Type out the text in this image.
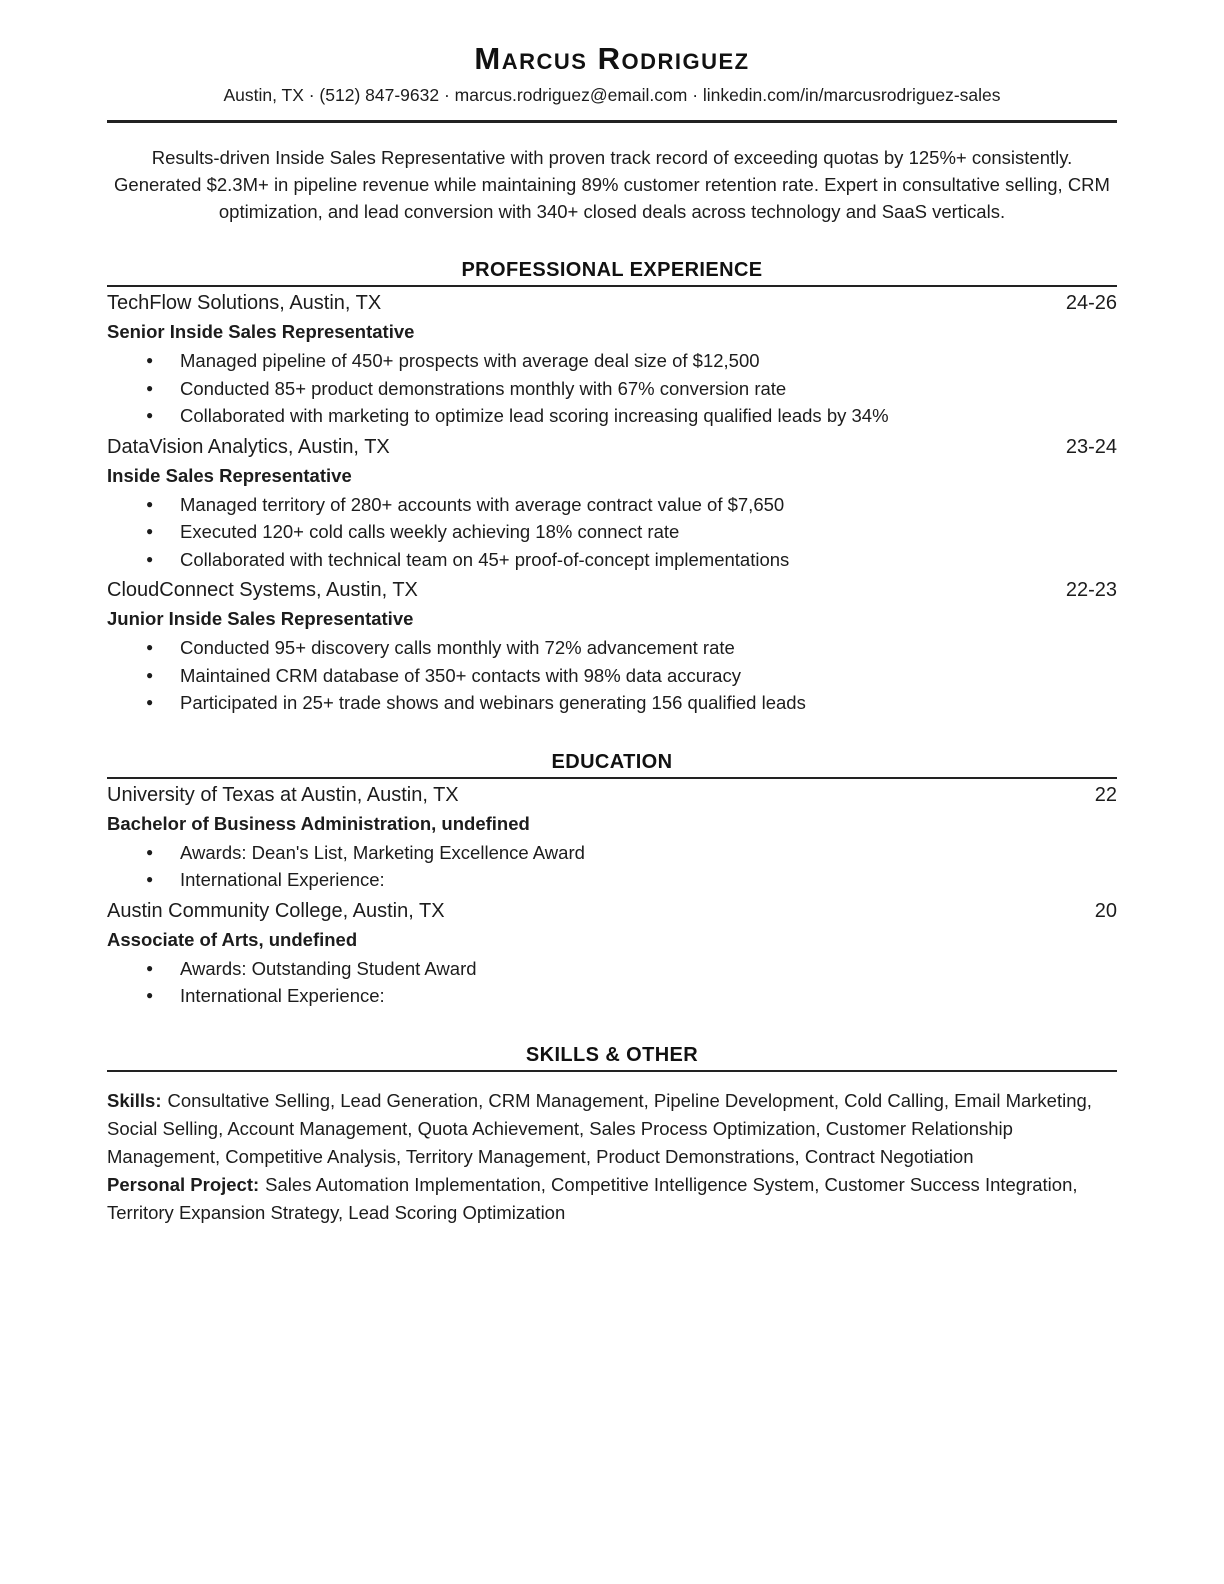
Marcus Rodriguez
Austin, TX · (512) 847-9632 · marcus.rodriguez@email.com · linkedin.com/in/marcusrodriguez-sales

Results-driven Inside Sales Representative with proven track record of exceeding quotas by 125%+ consistently. Generated $2.3M+ in pipeline revenue while maintaining 89% customer retention rate. Expert in consultative selling, CRM optimization, and lead conversion with 340+ closed deals across technology and SaaS verticals.

PROFESSIONAL EXPERIENCE
TechFlow Solutions, Austin, TX	24-26
Senior Inside Sales Representative
● Managed pipeline of 450+ prospects with average deal size of $12,500
● Conducted 85+ product demonstrations monthly with 67% conversion rate
● Collaborated with marketing to optimize lead scoring increasing qualified leads by 34%
DataVision Analytics, Austin, TX	23-24
Inside Sales Representative
● Managed territory of 280+ accounts with average contract value of $7,650
● Executed 120+ cold calls weekly achieving 18% connect rate
● Collaborated with technical team on 45+ proof-of-concept implementations
CloudConnect Systems, Austin, TX	22-23
Junior Inside Sales Representative
● Conducted 95+ discovery calls monthly with 72% advancement rate
● Maintained CRM database of 350+ contacts with 98% data accuracy
● Participated in 25+ trade shows and webinars generating 156 qualified leads
EDUCATION
University of Texas at Austin, Austin, TX	22
Bachelor of Business Administration, undefined
● Awards: Dean's List, Marketing Excellence Award
● International Experience:
Austin Community College, Austin, TX	20
Associate of Arts, undefined
● Awards: Outstanding Student Award
● International Experience:
SKILLS & OTHER

Skills: Consultative Selling, Lead Generation, CRM Management, Pipeline Development, Cold Calling, Email Marketing, Social Selling, Account Management, Quota Achievement, Sales Process Optimization, Customer Relationship Management, Competitive Analysis, Territory Management, Product Demonstrations, Contract Negotiation

Personal Project: Sales Automation Implementation, Competitive Intelligence System, Customer Success Integration, Territory Expansion Strategy, Lead Scoring Optimization
